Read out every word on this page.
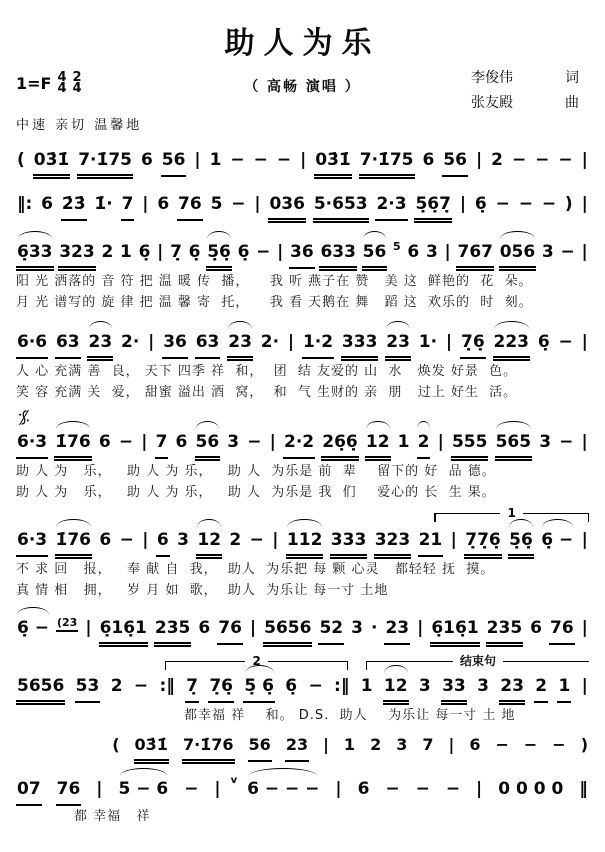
助人为乐
1=F 4
4
2
4	（ 高畅 演唱 ）
李俊伟	词
张友殿	曲
中速 亲切 温馨地
( 03̇1̇ 7·1̇75 6 56 | 1 − − − | 03̇1̇ 7·1̇75 6 56 | 2 − − − |
‖: 6 2̇3̇ 1̇· 7 | 6 76 5 − | 036 5·653 2·3 5̣6̣7̣ | 6̣ − − − ) |
6̣33 323 2 1 6̣ | 7̣ 6̣ 5̣6̣ 6̣ − | 36 633 56 5 6 3 | 767 056 3 − |
阳 光 洒落的 音 符 把 温 暖 传  播，    我 听 燕子在 赞   美 这  鲜艳的  花  朵。
月 光 谱写的 旋 律 把 温 馨 寄  托，    我 看 天鹅在 舞   蹈 这  欢乐的  时  刻。
6·6 63 23 2· | 36 63 23 2· | 1·2 333 23 1· | 7̣6̣ 223 6̣ − |
人 心 充满 善  良， 天下 四季 祥  和，  团  结 友爱的 山  水   焕发 好景  色。
笑 容 充满 关  爱， 甜蜜 溢出 酒  窝，  和  气 生财的 亲  朋   过上 好生  活。
6·3 1̇76 6 − | 7 6 56 3 − | 2·2 26̣6̣ 12 1 2 | 555 565 3 − |
助 人 为   乐，   助 人 为 乐，   助 人  为乐是 前  辈    留下的 好  品 德。
助 人 为   乐，   助 人 为 乐，   助 人  为乐是 我  们    爱心的 长  生 果。
1
6·3 1̇76 6 − | 6 3 12 2 − | 112 333 323 21 | 7̣7̣6̣ 5̣6̣ 6̣ − |
不 求 回   报，   奉 献 自  我，  助人  为乐把 每 颗 心灵   都轻轻 抚  摸。
真 情 相   拥，   岁 月 如  歌，  助人  为乐让 每一寸 土地
6̣ − (23 | 6̣16̣1 235 6 76 | 5656 52 3 · 23 | 6̣16̣1 235 6 76 |
2	结束句
5656 53 2 − :‖ 7̣ 7̣6̣ 5̣ 6̣ 6̣ − :‖ 1 12 3 33 3 23 2 1 |
都幸福 祥    和。 D.S.  助人    为乐让 每一寸 土 地
( 03̇1̇ 7·1̇76 56 23 | 1 2 3 7 | 6 − − − )
07 76 | 5 − 6 − | v 6 − − − | 6 − − − | 0 0 0 0 ‖
都 幸福   祥
